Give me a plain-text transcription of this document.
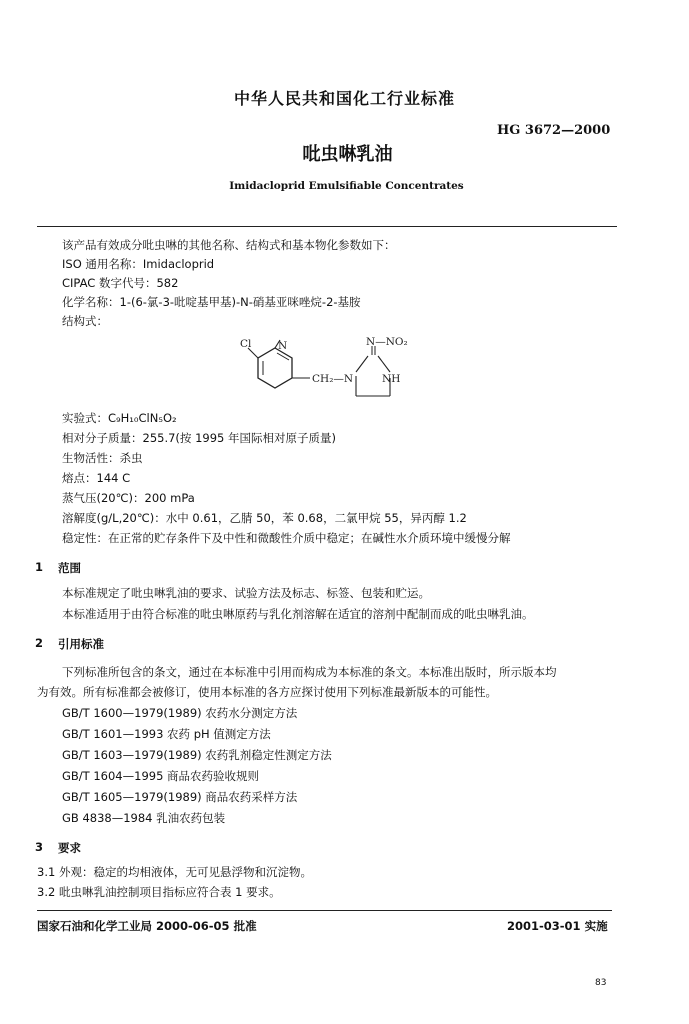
中华人民共和国化工行业标准
HG 3672—2000
吡虫啉乳油
Imidacloprid Emulsifiable Concentrates
该产品有效成分吡虫啉的其他名称、结构式和基本物化参数如下：
ISO 通用名称：Imidacloprid
CIPAC 数字代号：582
化学名称：1-(6-氯-3-吡啶基甲基)-N-硝基亚咪唑烷-2-基胺
结构式：
Cl	N	N—NO₂
CH₂—N	NH
实验式：C₉H₁₀ClN₅O₂
相对分子质量：255.7(按 1995 年国际相对原子质量)
生物活性：杀虫
熔点：144 C
蒸气压(20℃)：200 mPa
溶解度(g/L,20℃)：水中 0.61，乙腈 50，苯 0.68，二氯甲烷 55，异丙醇 1.2
稳定性：在正常的贮存条件下及中性和微酸性介质中稳定；在碱性水介质环境中缓慢分解
1 范围
本标准规定了吡虫啉乳油的要求、试验方法及标志、标签、包装和贮运。
本标准适用于由符合标准的吡虫啉原药与乳化剂溶解在适宜的溶剂中配制而成的吡虫啉乳油。
2 引用标准
下列标准所包含的条文，通过在本标准中引用而构成为本标准的条文。本标准出版时，所示版本均
为有效。所有标准都会被修订，使用本标准的各方应探讨使用下列标准最新版本的可能性。
GB/T 1600—1979(1989) 农药水分测定方法
GB/T 1601—1993 农药 pH 值测定方法
GB/T 1603—1979(1989) 农药乳剂稳定性测定方法
GB/T 1604—1995 商品农药验收规则
GB/T 1605—1979(1989) 商品农药采样方法
GB 4838—1984 乳油农药包装
3 要求
3.1 外观：稳定的均相液体，无可见悬浮物和沉淀物。
3.2 吡虫啉乳油控制项目指标应符合表 1 要求。
国家石油和化学工业局 2000-06-05 批准	2001-03-01 实施
83
